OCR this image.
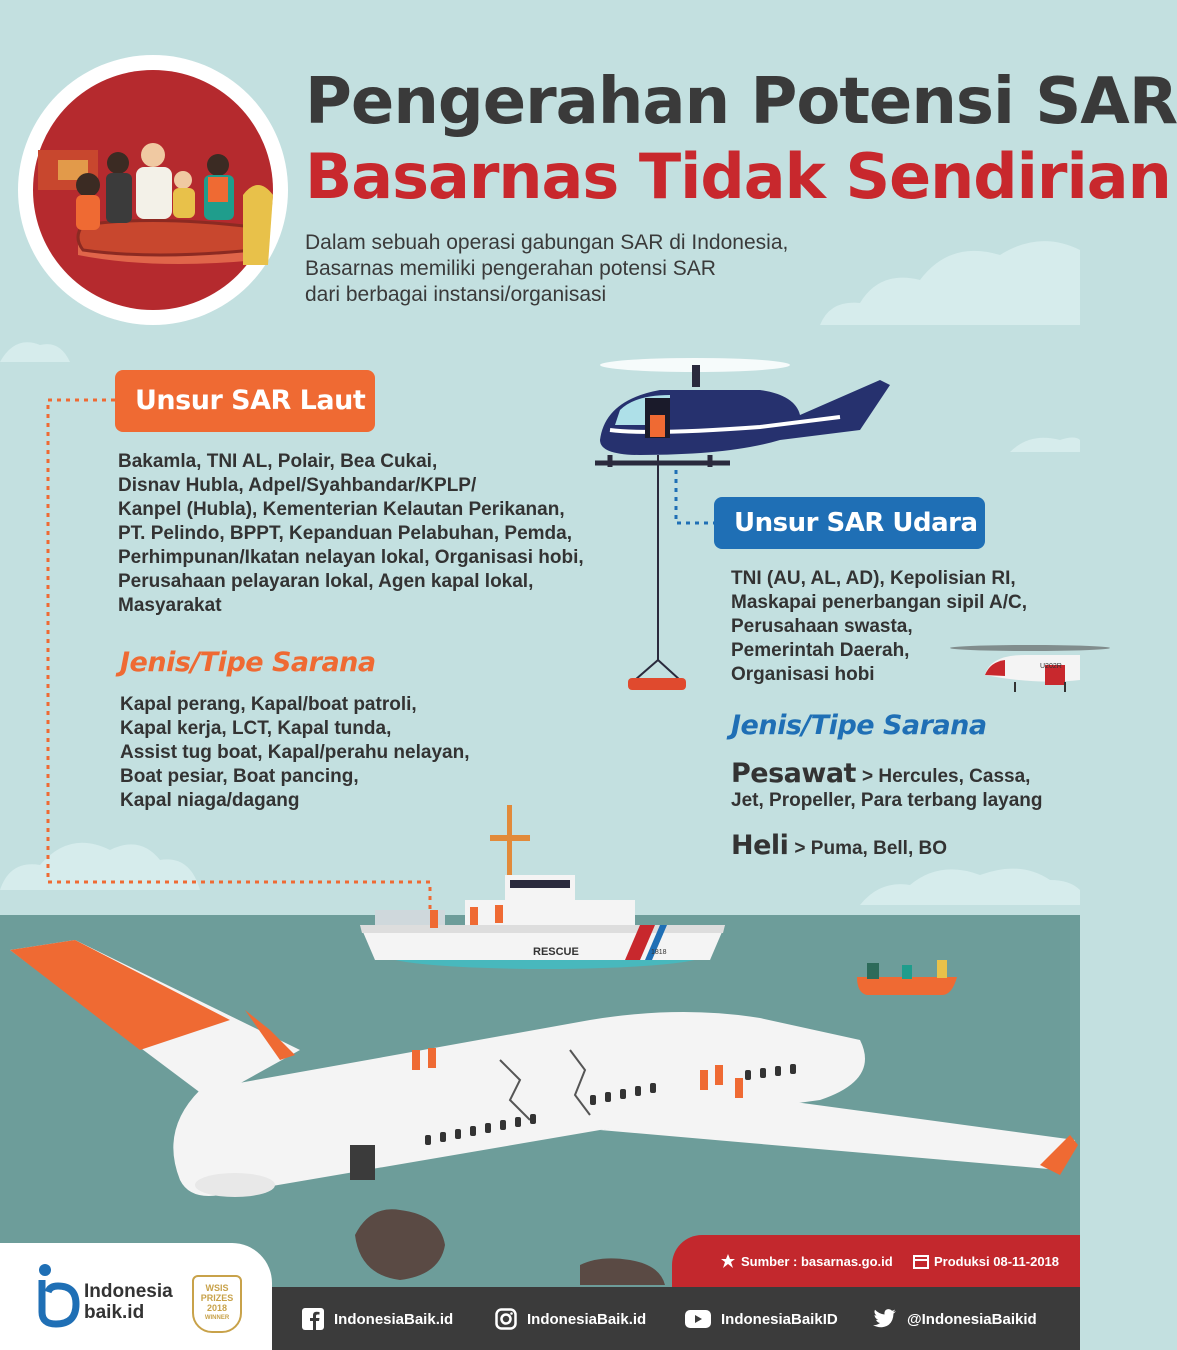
Pengerahan Potensi SAR
Basarnas Tidak Sendirian
Dalam sebuah operasi gabungan SAR di Indonesia,
Basarnas memiliki pengerahan potensi SAR
dari berbagai instansi/organisasi
U202R
Unsur SAR Laut
Unsur SAR Udara
Bakamla, TNI AL, Polair, Bea Cukai,
Disnav Hubla, Adpel/Syahbandar/KPLP/
Kanpel (Hubla), Kementerian Kelautan Perikanan,
PT. Pelindo, BPPT, Kepanduan Pelabuhan, Pemda,
Perhimpunan/Ikatan nelayan lokal, Organisasi hobi,
Perusahaan pelayaran lokal, Agen kapal lokal,
Masyarakat
Jenis/Tipe Sarana
Kapal perang, Kapal/boat patroli,
Kapal kerja, LCT, Kapal tunda,
Assist tug boat, Kapal/perahu nelayan,
Boat pesiar, Boat pancing,
Kapal niaga/dagang
TNI (AU, AL, AD), Kepolisian RI,
Maskapai penerbangan sipil A/C,
Perusahaan swasta,
Pemerintah Daerah,
Organisasi hobi
Jenis/Tipe Sarana
Pesawat > Hercules, Cassa,
Jet, Propeller, Para terbang layang
Heli > Puma, Bell, BO
RESCUE	1818
Indonesia
baik.id
WSIS
PRIZES
2018
WINNER
Sumber : basarnas.go.id	Produksi 08-11-2018
IndonesiaBaik.id	IndonesiaBaik.id	IndonesiaBaikID	@IndonesiaBaikid
